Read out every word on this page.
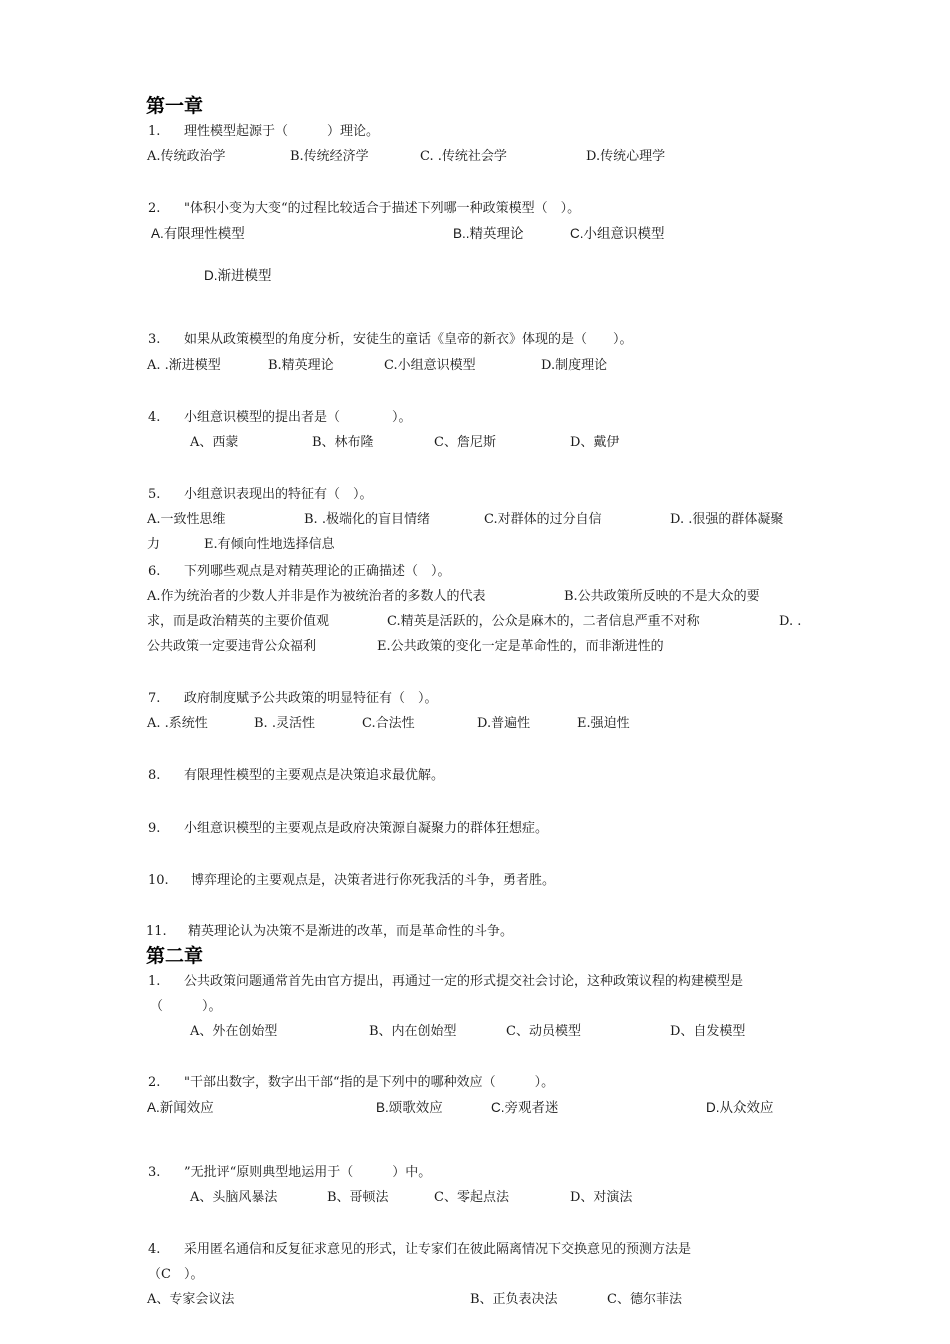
第一章
1. 理性模型起源于（　　　）理论。
A.传统政治学	B.传统经济学	C. .传统社会学	D.传统心理学
2. "体积小变为大变“的过程比较适合于描述下列哪一种政策模型（　）。
A.有限理性模型	B..精英理论	C.小组意识模型
D.渐进模型
3. 如果从政策模型的角度分析，安徒生的童话《皇帝的新衣》体现的是（　　）。
A. .渐进模型	B.精英理论	C.小组意识模型	D.制度理论
4. 小组意识模型的提出者是（　　　　）。
A、西蒙	B、林布隆	C、詹尼斯	D、戴伊
5. 小组意识表现出的特征有（　）。
A.一致性思维	B. .极端化的盲目情绪	C.对群体的过分自信	D. .很强的群体凝聚
力	E.有倾向性地选择信息
6. 下列哪些观点是对精英理论的正确描述（　）。
A.作为统治者的少数人并非是作为被统治者的多数人的代表	B.公共政策所反映的不是大众的要
求，而是政治精英的主要价值观	C.精英是活跃的，公众是麻木的，二者信息严重不对称	D. .
公共政策一定要违背公众福利	E.公共政策的变化一定是革命性的，而非渐进性的
7. 政府制度赋予公共政策的明显特征有（　）。
A. .系统性	B. .灵活性	C.合法性	D.普遍性	E.强迫性
8. 有限理性模型的主要观点是决策追求最优解。
9. 小组意识模型的主要观点是政府决策源自凝聚力的群体狂想症。
10. 博弈理论的主要观点是，决策者进行你死我活的斗争，勇者胜。
11. 精英理论认为决策不是渐进的改革，而是革命性的斗争。
第二章
1. 公共政策问题通常首先由官方提出，再通过一定的形式提交社会讨论，这种政策议程的构建模型是
（　　　）。
A、外在创始型	B、内在创始型	C、动员模型	D、自发模型
2. "干部出数字，数字出干部“指的是下列中的哪种效应（　　　）。
A.新闻效应	B.颂歌效应	C.旁观者迷	D.从众效应
3. ”无批评“原则典型地运用于（　　　）中。
A、头脑风暴法	B、哥顿法	C、零起点法	D、对演法
4. 采用匿名通信和反复征求意见的形式，让专家们在彼此隔离情况下交换意见的预测方法是
（C　）。
A、专家会议法	B、正负表决法	C、德尔菲法
